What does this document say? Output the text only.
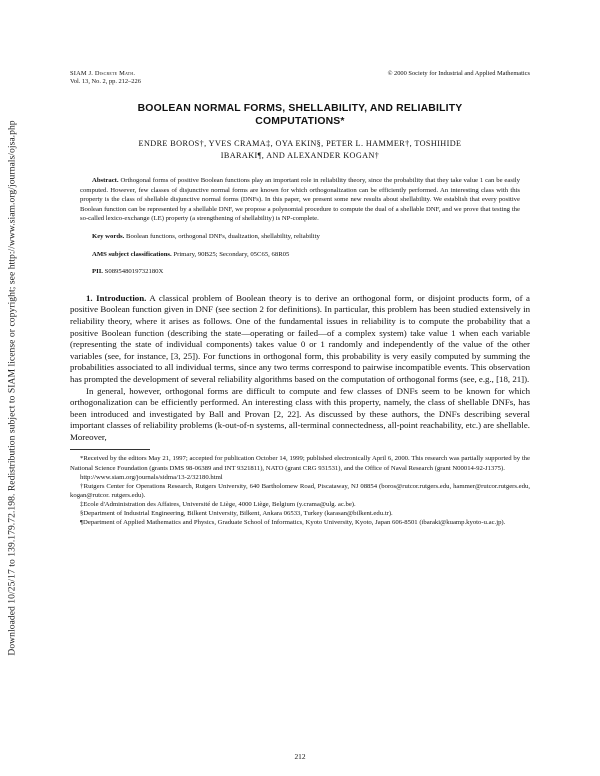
Downloaded 10/25/17 to 139.179.72.198. Redistribution subject to SIAM license or copyright; see http://www.siam.org/journals/ojsa.php
SIAM J. Discrete Math.
Vol. 13, No. 2, pp. 212–226
© 2000 Society for Industrial and Applied Mathematics
BOOLEAN NORMAL FORMS, SHELLABILITY, AND RELIABILITY
COMPUTATIONS*
ENDRE BOROS†, YVES CRAMA‡, OYA EKIN§, PETER L. HAMMER†, TOSHIHIDE
IBARAKI¶, AND ALEXANDER KOGAN†
Abstract. Orthogonal forms of positive Boolean functions play an important role in reliability theory, since the probability that they take value 1 can be easily computed. However, few classes of disjunctive normal forms are known for which orthogonalization can be efficiently performed. An interesting class with this property is the class of shellable disjunctive normal forms (DNFs). In this paper, we present some new results about shellability. We establish that every positive Boolean function can be represented by a shellable DNF, we propose a polynomial procedure to compute the dual of a shellable DNF, and we prove that testing the so-called lexico-exchange (LE) property (a strengthening of shellability) is NP-complete.
Key words. Boolean functions, orthogonal DNFs, dualization, shellability, reliability
AMS subject classifications. Primary, 90B25; Secondary, 05C65, 68R05
PII. S089548019732180X

1. Introduction. A classical problem of Boolean theory is to derive an orthogonal form, or disjoint products form, of a positive Boolean function given in DNF (see section 2 for definitions). In particular, this problem has been studied extensively in reliability theory, where it arises as follows. One of the fundamental issues in reliability is to compute the probability that a positive Boolean function (describing the state—operating or failed—of a complex system) take value 1 when each variable (representing the state of individual components) takes value 0 or 1 randomly and independently of the value of the other variables (see, for instance, [3, 25]). For functions in orthogonal form, this probability is very easily computed by summing the probabilities associated to all individual terms, since any two terms correspond to pairwise incompatible events. This observation has prompted the development of several reliability algorithms based on the computation of orthogonal forms (see, e.g., [18, 21]).

In general, however, orthogonal forms are difficult to compute and few classes of DNFs seem to be known for which orthogonalization can be efficiently performed. An interesting class with this property, namely, the class of shellable DNFs, has been introduced and investigated by Ball and Provan [2, 22]. As discussed by these authors, the DNFs describing several important classes of reliability problems (k-out-of-n systems, all-terminal connectedness, all-point reachability, etc.) are shellable. Moreover,

*Received by the editors May 21, 1997; accepted for publication October 14, 1999; published electronically April 6, 2000. This research was partially supported by the National Science Foundation (grants DMS 98-06389 and INT 9321811), NATO (grant CRG 931531), and the Office of Naval Research (grant N00014-92-J1375).

http://www.siam.org/journals/sidma/13-2/32180.html

†Rutgers Center for Operations Research, Rutgers University, 640 Bartholomew Road, Piscataway, NJ 08854 (boros@rutcor.rutgers.edu, hammer@rutcor.rutgers.edu, kogan@rutcor. rutgers.edu).

‡Ecole d'Administration des Affaires, Université de Liège, 4000 Liège, Belgium (y.crama@ulg. ac.be).

§Department of Industrial Engineering, Bilkent University, Bilkent, Ankara 06533, Turkey (karasan@bilkent.edu.tr).

¶Department of Applied Mathematics and Physics, Graduate School of Informatics, Kyoto University, Kyoto, Japan 606-8501 (ibaraki@kuamp.kyoto-u.ac.jp).

212
